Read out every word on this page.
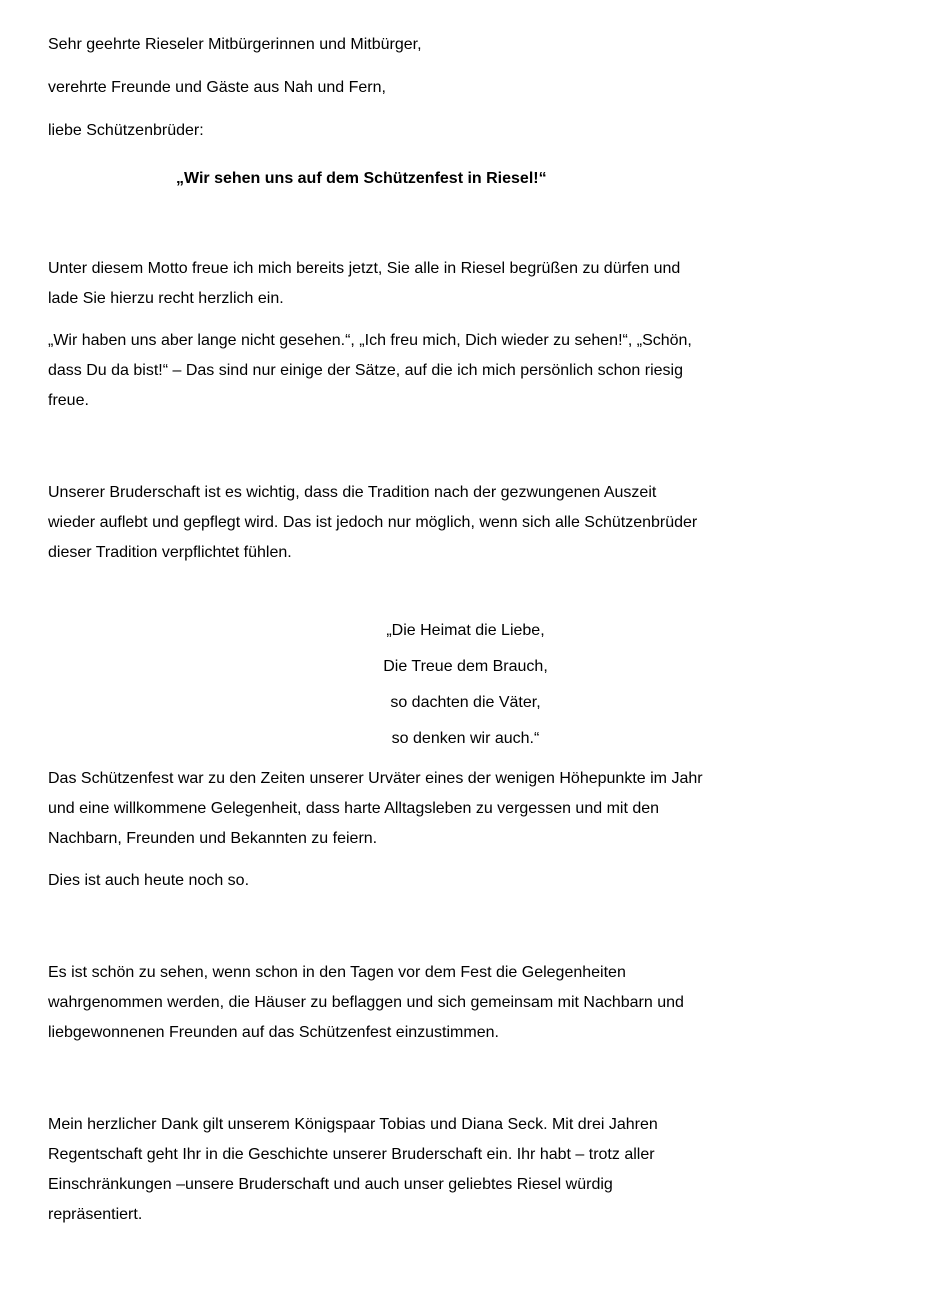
Sehr geehrte Rieseler Mitbürgerinnen und Mitbürger,
verehrte Freunde und Gäste aus Nah und Fern,
liebe Schützenbrüder:
„Wir sehen uns auf dem Schützenfest in Riesel!“
Unter diesem Motto freue ich mich bereits jetzt, Sie alle in Riesel begrüßen zu dürfen und
lade Sie hierzu recht herzlich ein.
„Wir haben uns aber lange nicht gesehen.“, „Ich freu mich, Dich wieder zu sehen!“, „Schön,
dass Du da bist!“ – Das sind nur einige der Sätze, auf die ich mich persönlich schon riesig
freue.
Unserer Bruderschaft ist es wichtig, dass die Tradition nach der gezwungenen Auszeit
wieder auflebt und gepflegt wird. Das ist jedoch nur möglich, wenn sich alle Schützenbrüder
dieser Tradition verpflichtet fühlen.
„Die Heimat die Liebe,
Die Treue dem Brauch,
so dachten die Väter,
so denken wir auch.“
Das Schützenfest war zu den Zeiten unserer Urväter eines der wenigen Höhepunkte im Jahr
und eine willkommene Gelegenheit, dass harte Alltagsleben zu vergessen und mit den
Nachbarn, Freunden und Bekannten zu feiern.
Dies ist auch heute noch so.
Es ist schön zu sehen, wenn schon in den Tagen vor dem Fest die Gelegenheiten
wahrgenommen werden, die Häuser zu beflaggen und sich gemeinsam mit Nachbarn und
liebgewonnenen Freunden auf das Schützenfest einzustimmen.
Mein herzlicher Dank gilt unserem Königspaar Tobias und Diana Seck. Mit drei Jahren
Regentschaft geht Ihr in die Geschichte unserer Bruderschaft ein. Ihr habt – trotz aller
Einschränkungen –unsere Bruderschaft und auch unser geliebtes Riesel würdig
repräsentiert.
